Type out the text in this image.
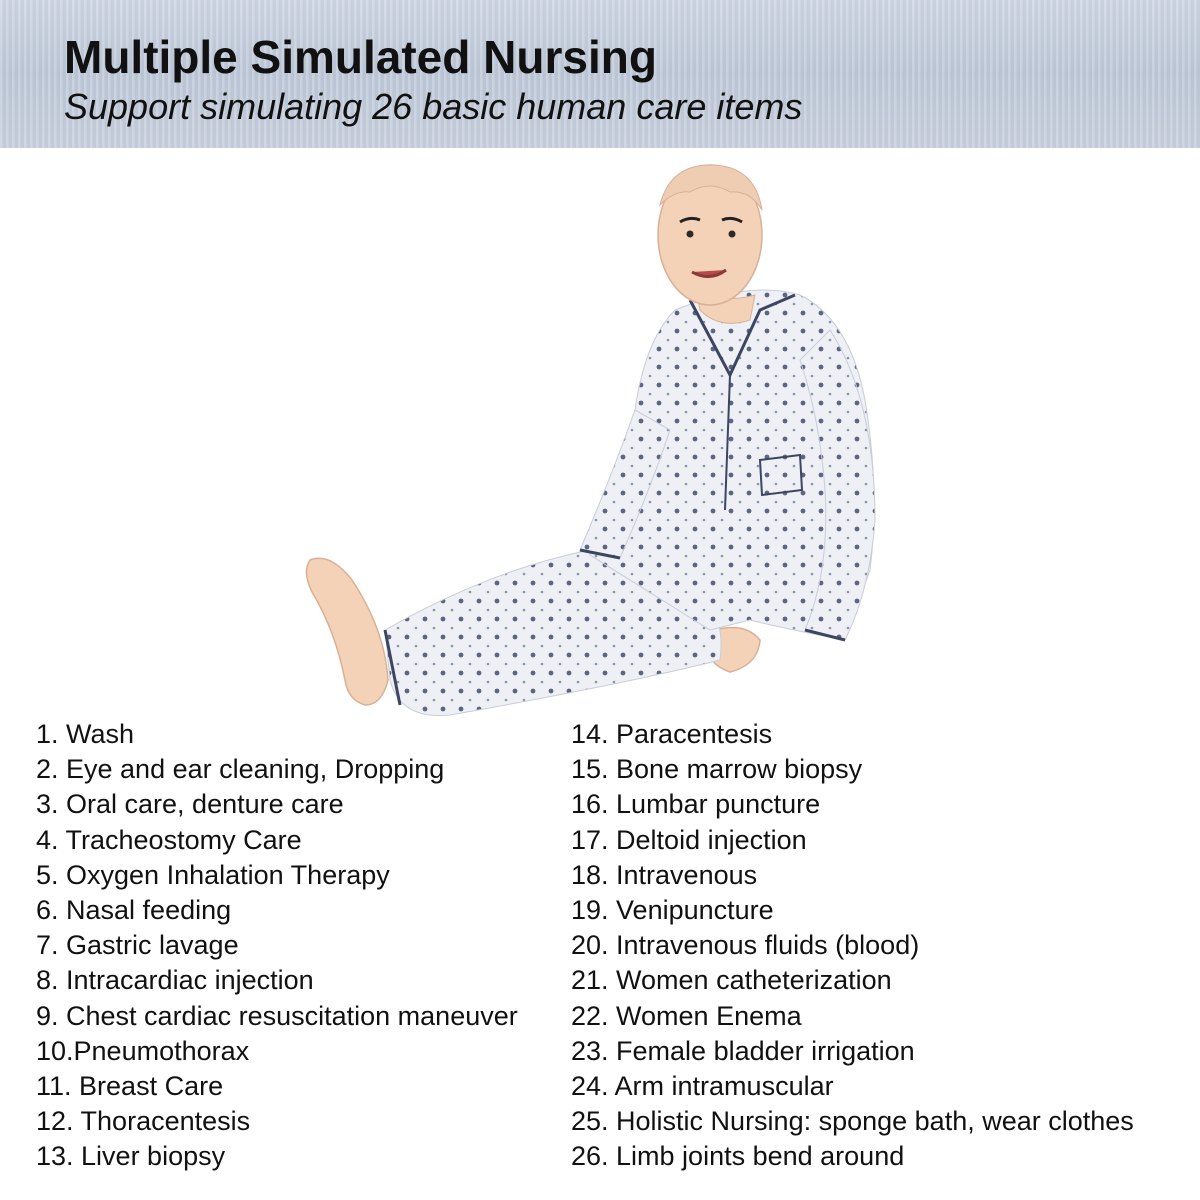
Multiple Simulated Nursing
Support simulating 26 basic human care items
1. Wash
2. Eye and ear cleaning, Dropping
3. Oral care, denture care
4. Tracheostomy Care
5. Oxygen Inhalation Therapy
6. Nasal feeding
7. Gastric lavage
8. Intracardiac injection
9. Chest cardiac resuscitation maneuver
10.Pneumothorax
11. Breast Care
12. Thoracentesis
13. Liver biopsy
14. Paracentesis
15. Bone marrow biopsy
16. Lumbar puncture
17. Deltoid injection
18. Intravenous
19. Venipuncture
20. Intravenous fluids (blood)
21. Women catheterization
22. Women Enema
23. Female bladder irrigation
24. Arm intramuscular
25. Holistic Nursing: sponge bath, wear clothes
26. Limb joints bend around
